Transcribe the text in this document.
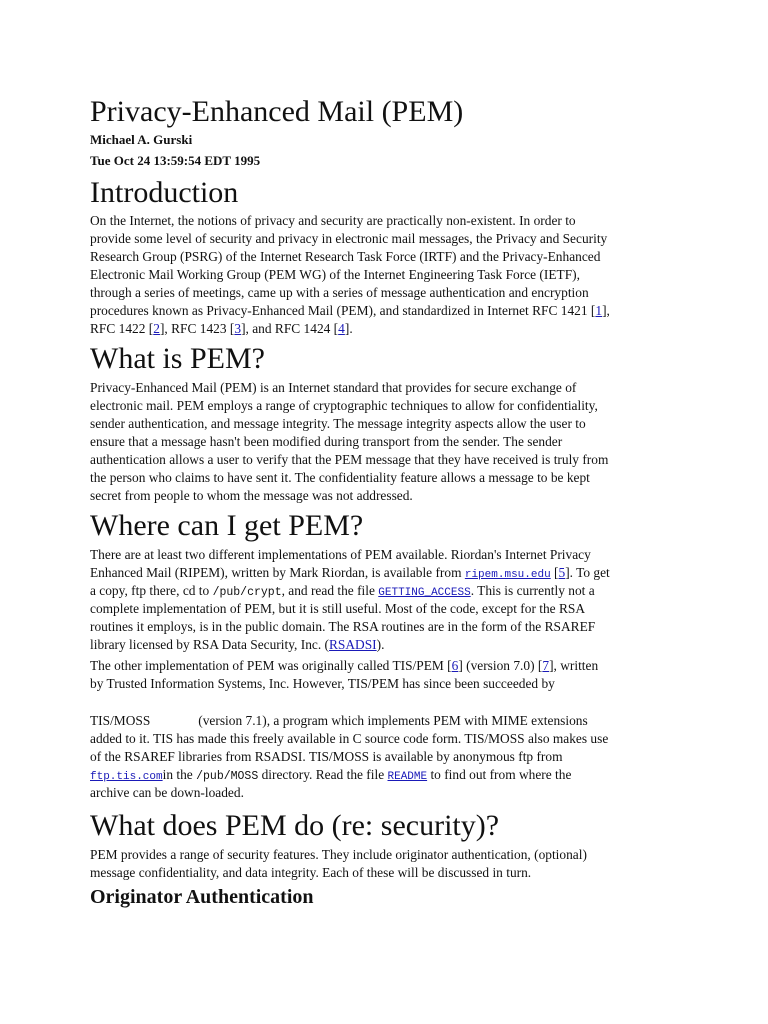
Privacy-Enhanced Mail (PEM)
Michael A. Gurski
Tue Oct 24 13:59:54 EDT 1995
Introduction
On the Internet, the notions of privacy and security are practically non-existent. In order to
provide some level of security and privacy in electronic mail messages, the Privacy and Security
Research Group (PSRG) of the Internet Research Task Force (IRTF) and the Privacy-Enhanced
Electronic Mail Working Group (PEM WG) of the Internet Engineering Task Force (IETF),
through a series of meetings, came up with a series of message authentication and encryption
procedures known as Privacy-Enhanced Mail (PEM), and standardized in Internet RFC 1421 [1],
RFC 1422 [2], RFC 1423 [3], and RFC 1424 [4].
What is PEM?
Privacy-Enhanced Mail (PEM) is an Internet standard that provides for secure exchange of
electronic mail. PEM employs a range of cryptographic techniques to allow for confidentiality,
sender authentication, and message integrity. The message integrity aspects allow the user to
ensure that a message hasn't been modified during transport from the sender. The sender
authentication allows a user to verify that the PEM message that they have received is truly from
the person who claims to have sent it. The confidentiality feature allows a message to be kept
secret from people to whom the message was not addressed.
Where can I get PEM?
There are at least two different implementations of PEM available. Riordan's Internet Privacy
Enhanced Mail (RIPEM), written by Mark Riordan, is available from ripem.msu.edu [5]. To get
a copy, ftp there, cd to /pub/crypt, and read the file GETTING_ACCESS. This is currently not a
complete implementation of PEM, but it is still useful. Most of the code, except for the RSA
routines it employs, is in the public domain. The RSA routines are in the form of the RSAREF
library licensed by RSA Data Security, Inc. (RSADSI).
The other implementation of PEM was originally called TIS/PEM [6] (version 7.0) [7], written
by Trusted Information Systems, Inc. However, TIS/PEM has since been succeeded by
TIS/MOSS	(version 7.1), a program which implements PEM with MIME extensions
added to it. TIS has made this freely available in C source code form. TIS/MOSS also makes use
of the RSAREF libraries from RSADSI. TIS/MOSS is available by anonymous ftp from
ftp.tis.comin the /pub/MOSS directory. Read the file README to find out from where the
archive can be down-loaded.
What does PEM do (re: security)?
PEM provides a range of security features. They include originator authentication, (optional)
message confidentiality, and data integrity. Each of these will be discussed in turn.
Originator Authentication
